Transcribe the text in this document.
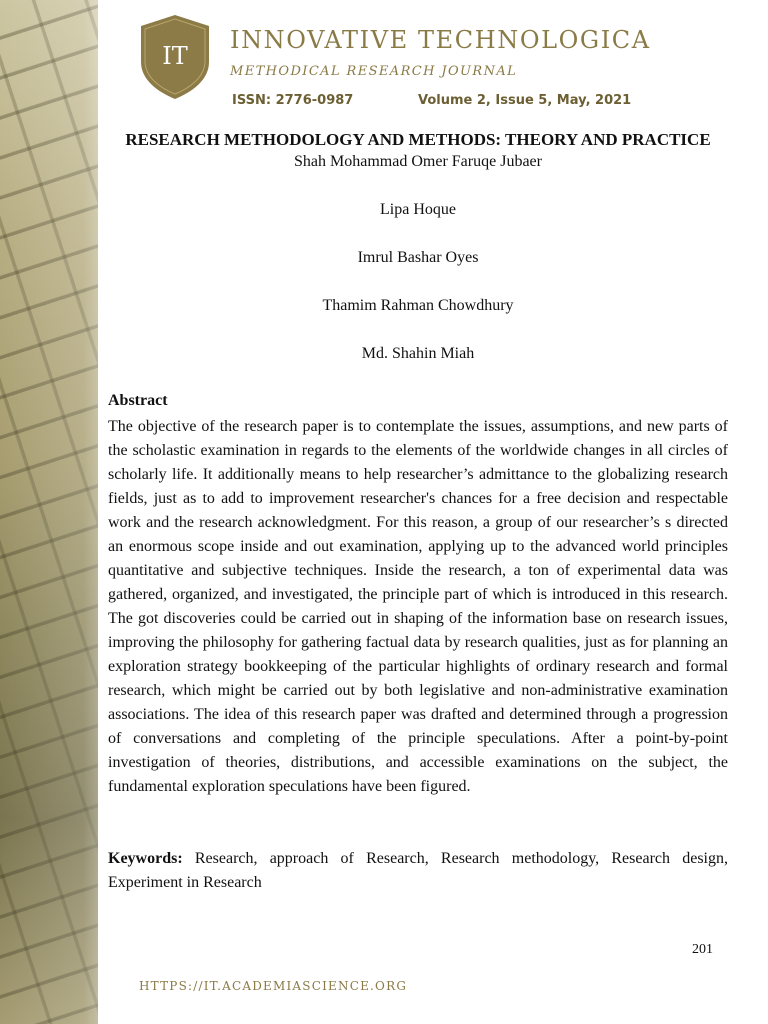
IT
INNOVATIVE TECHNOLOGICA
METHODICAL RESEARCH JOURNAL
ISSN: 2776-0987	Volume 2, Issue 5, May, 2021
RESEARCH METHODOLOGY AND METHODS: THEORY AND PRACTICE
Shah Mohammad Omer Faruqe Jubaer
Lipa Hoque
Imrul Bashar Oyes
Thamim Rahman Chowdhury
Md. Shahin Miah
Abstract
The objective of the research paper is to contemplate the issues, assumptions, and new parts of the scholastic examination in regards to the elements of the worldwide changes in all circles of scholarly life. It additionally means to help researcher’s admittance to the globalizing research fields, just as to add to improvement researcher's chances for a free decision and respectable work and the research acknowledgment. For this reason, a group of our researcher’s s directed an enormous scope inside and out examination, applying up to the advanced world principles quantitative and subjective techniques. Inside the research, a ton of experimental data was gathered, organized, and investigated, the principle part of which is introduced in this research. The got discoveries could be carried out in shaping of the information base on research issues, improving the philosophy for gathering factual data by research qualities, just as for planning an exploration strategy bookkeeping of the particular highlights of ordinary research and formal research, which might be carried out by both legislative and non-administrative examination associations. The idea of this research paper was drafted and determined through a progression of conversations and completing of the principle speculations. After a point-by-point investigation of theories, distributions, and accessible examinations on the subject, the fundamental exploration speculations have been figured.
Keywords: Research, approach of Research, Research methodology, Research design, Experiment in Research
201
HTTPS://IT.ACADEMIASCIENCE.ORG
